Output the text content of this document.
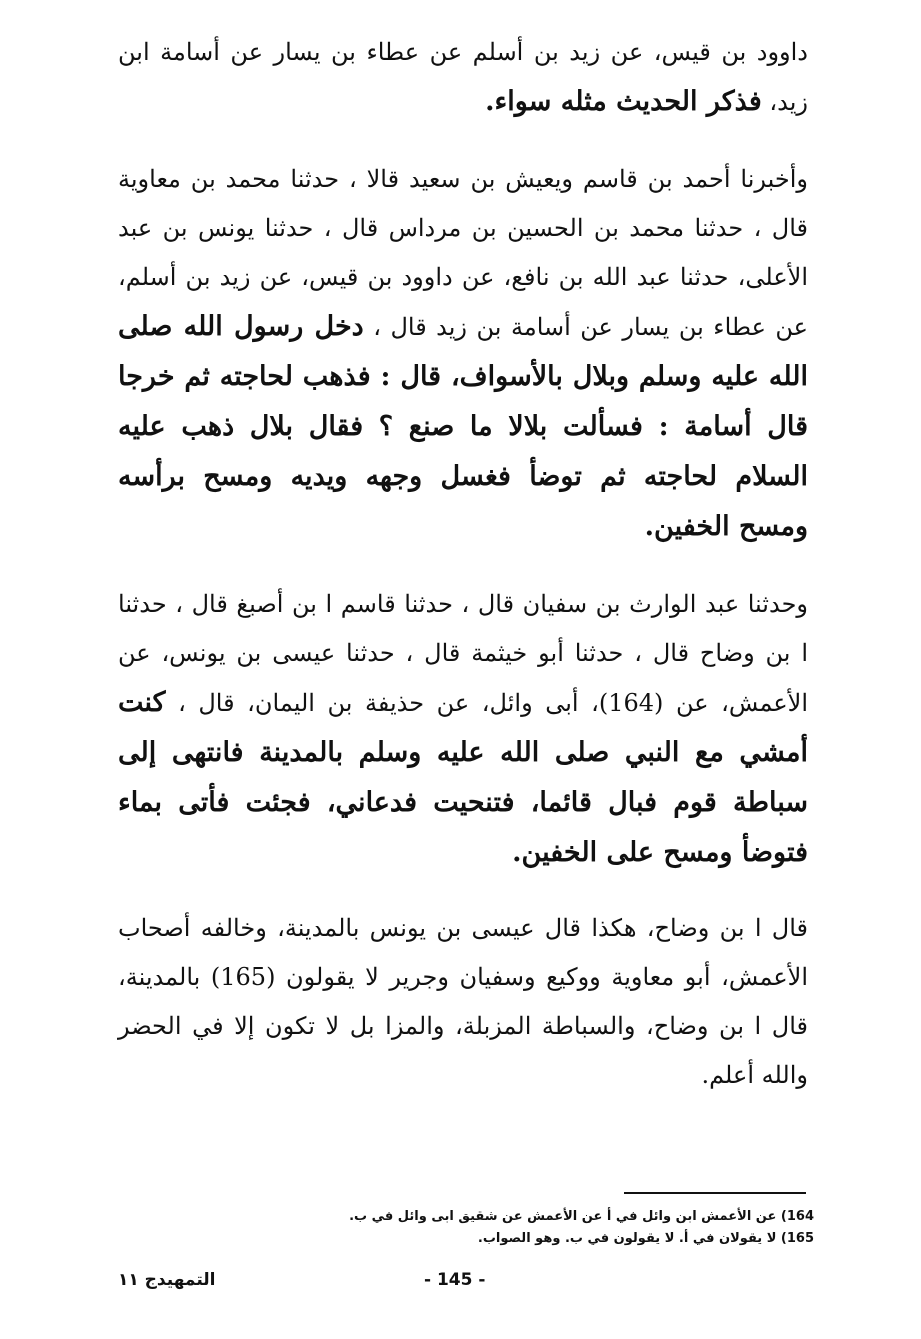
داوود بن قيس، عن زيد بن أسلم عن عطاء بن يسار عن أسامة ابن زيد، فذكر الحديث مثله سواء.

وأخبرنا أحمد بن قاسم ويعيش بن سعيد قالا ، حدثنا محمد بن معاوية قال ، حدثنا محمد بن الحسين بن مرداس قال ، حدثنا يونس بن عبد الأعلى، حدثنا عبد الله بن نافع، عن داوود بن قيس، عن زيد بن أسلم، عن عطاء بن يسار عن أسامة بن زيد قال ، دخل رسول الله صلى الله عليه وسلم وبلال بالأسواف، قال : فذهب لحاجته ثم خرجا قال أسامة : فسألت بلالا ما صنع ؟ فقال بلال ذهب عليه السلام لحاجته ثم توضأ فغسل وجهه ويديه ومسح برأسه ومسح الخفين.

وحدثنا عبد الوارث بن سفيان قال ، حدثنا قاسم ا بن أصبغ قال ، حدثنا ا بن وضاح قال ، حدثنا أبو خيثمة قال ، حدثنا عيسى بن يونس، عن الأعمش، عن (164)، أبى وائل، عن حذيفة بن اليمان، قال ، كنت أمشي مع النبي صلى الله عليه وسلم بالمدينة فانتهى إلى سباطة قوم فبال قائما، فتنحيت فدعاني، فجئت فأتى بماء فتوضأ ومسح على الخفين.

قال ا بن وضاح، هكذا قال عيسى بن يونس بالمدينة، وخالفه أصحاب الأعمش، أبو معاوية ووكيع وسفيان وجرير لا يقولون (165) بالمدينة، قال ا بن وضاح، والسباطة المزبلة، والمزا بل لا تكون إلا في الحضر والله أعلم.

164) عن الأعمش ابن وائل في أ عن الأعمش عن شقيق ابى وائل في ب.

165) لا يقولان في أ. لا يقولون في ب. وهو الصواب.

- 145 -
التمهيدج ١١
